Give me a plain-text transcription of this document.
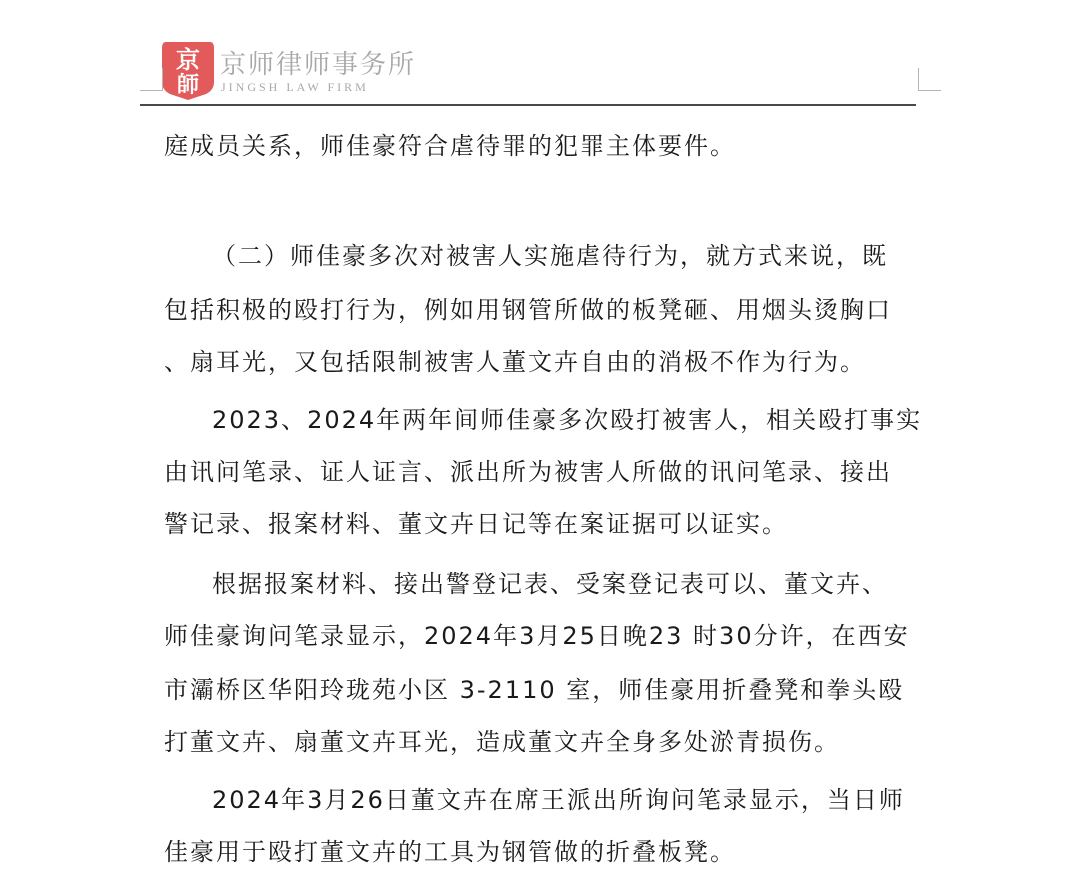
京
師
京师律师事务所
JINGSH LAW FIRM
庭成员关系，师佳豪符合虐待罪的犯罪主体要件。
（二）师佳豪多次对被害人实施虐待行为，就方式来说，既
包括积极的殴打行为，例如用钢管所做的板凳砸、用烟头烫胸口
、扇耳光，又包括限制被害人董文卉自由的消极不作为行为。
2023、2024年两年间师佳豪多次殴打被害人，相关殴打事实
由讯问笔录、证人证言、派出所为被害人所做的讯问笔录、接出
警记录、报案材料、董文卉日记等在案证据可以证实。
根据报案材料、接出警登记表、受案登记表可以、董文卉、
师佳豪询问笔录显示，2024年3月25日晚23 时30分许，在西安
市灞桥区华阳玲珑苑小区 3-2110 室，师佳豪用折叠凳和拳头殴
打董文卉、扇董文卉耳光，造成董文卉全身多处淤青损伤。
2024年3月26日董文卉在席王派出所询问笔录显示，当日师
佳豪用于殴打董文卉的工具为钢管做的折叠板凳。
